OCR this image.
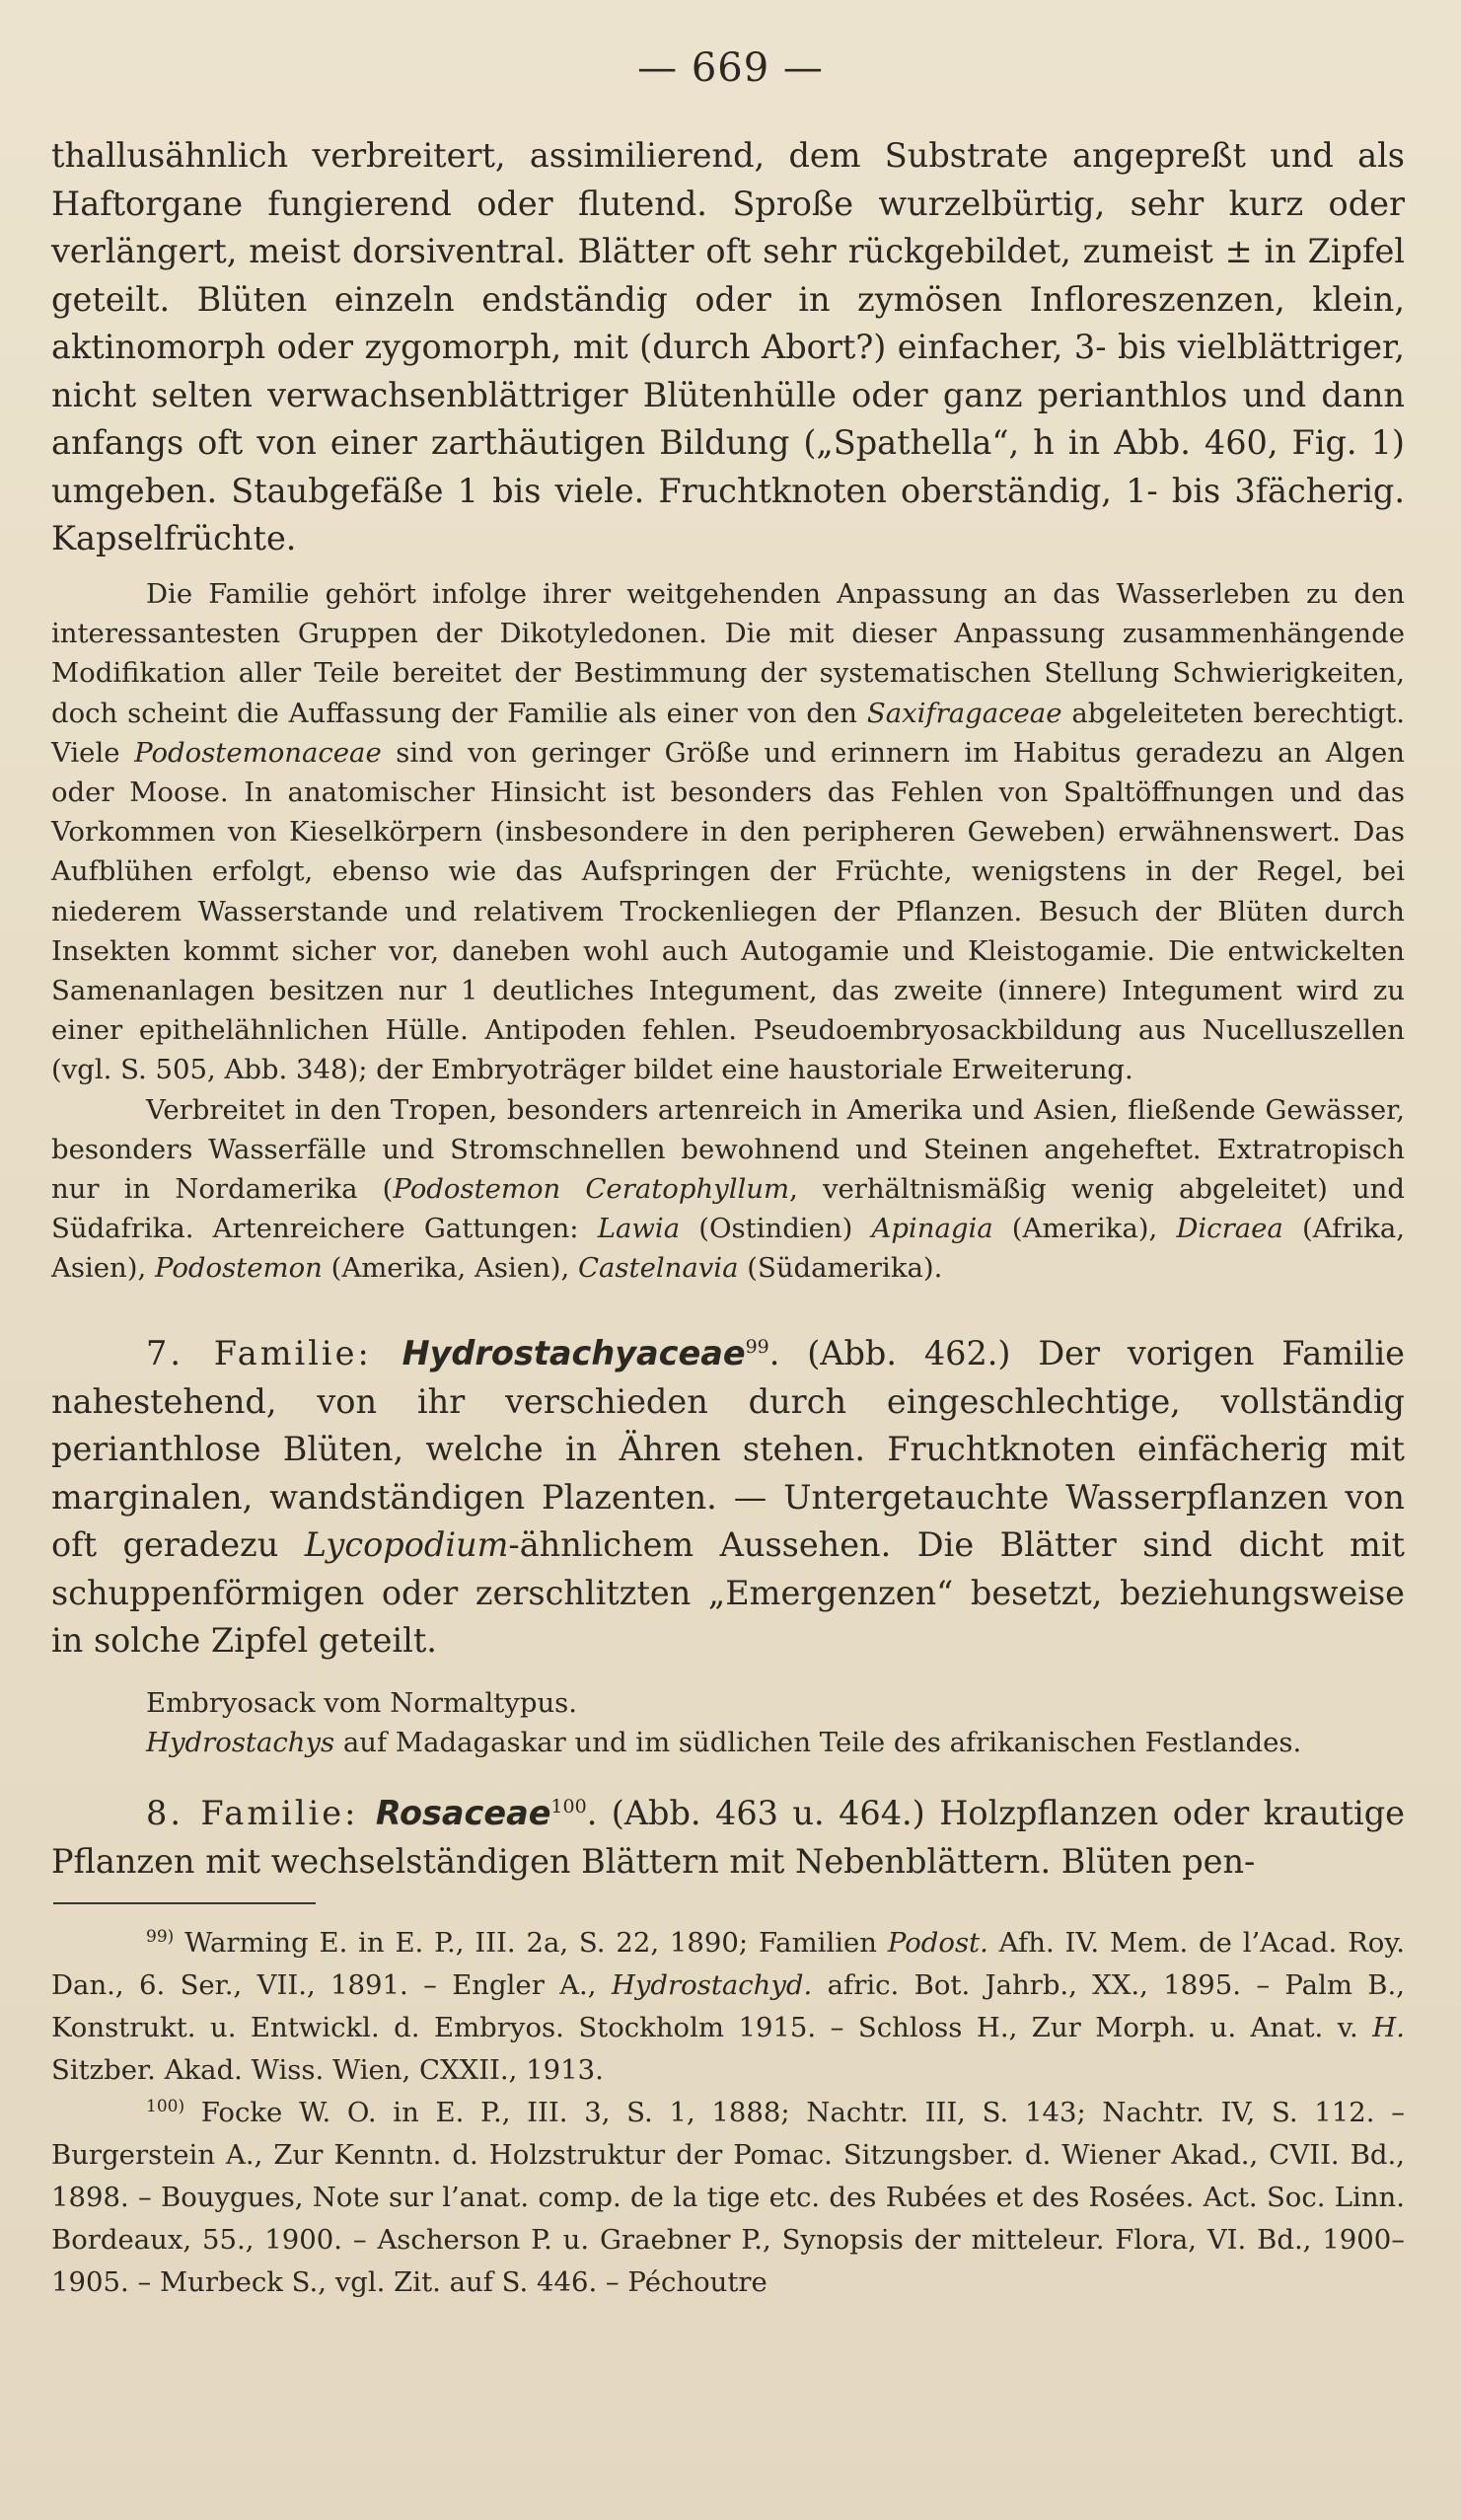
— 669 —

thallusähnlich verbreitert, assimilierend, dem Substrate angepreßt und als Haftorgane fungierend oder flutend. Sproße wurzelbürtig, sehr kurz oder verlängert, meist dorsiventral. Blätter oft sehr rückgebildet, zumeist ± in Zipfel geteilt. Blüten einzeln endständig oder in zymösen Infloreszenzen, klein, aktinomorph oder zygomorph, mit (durch Abort?) einfacher, 3- bis vielblättriger, nicht selten verwachsenblättriger Blütenhülle oder ganz perianthlos und dann anfangs oft von einer zarthäutigen Bildung („Spathella“, h in Abb. 460, Fig. 1) umgeben. Staubgefäße 1 bis viele. Fruchtknoten oberständig, 1- bis 3fächerig. Kapselfrüchte.

Die Familie gehört infolge ihrer weitgehenden Anpassung an das Wasserleben zu den interessantesten Gruppen der Dikotyledonen. Die mit dieser Anpassung zusammenhängende Modifikation aller Teile bereitet der Bestimmung der systematischen Stellung Schwierigkeiten, doch scheint die Auffassung der Familie als einer von den Saxifragaceae abgeleiteten berechtigt. Viele Podostemonaceae sind von geringer Größe und erinnern im Habitus geradezu an Algen oder Moose. In anatomischer Hinsicht ist besonders das Fehlen von Spaltöffnungen und das Vorkommen von Kieselkörpern (insbesondere in den peripheren Geweben) erwähnenswert. Das Aufblühen erfolgt, ebenso wie das Aufspringen der Früchte, wenigstens in der Regel, bei niederem Wasserstande und relativem Trockenliegen der Pflanzen. Besuch der Blüten durch Insekten kommt sicher vor, daneben wohl auch Autogamie und Kleistogamie. Die entwickelten Samenanlagen besitzen nur 1 deutliches Integument, das zweite (innere) Integument wird zu einer epithelähnlichen Hülle. Antipoden fehlen. Pseudoembryosackbildung aus Nucelluszellen (vgl. S. 505, Abb. 348); der Embryoträger bildet eine haustoriale Erweiterung.

Verbreitet in den Tropen, besonders artenreich in Amerika und Asien, fließende Gewässer, besonders Wasserfälle und Stromschnellen bewohnend und Steinen angeheftet. Extratropisch nur in Nordamerika (Podostemon Ceratophyllum, verhältnismäßig wenig abgeleitet) und Südafrika. Artenreichere Gattungen: Lawia (Ostindien) Apinagia (Amerika), Dicraea (Afrika, Asien), Podostemon (Amerika, Asien), Castelnavia (Südamerika).

7. Familie: Hydrostachyaceae$^{99}$. (Abb. 462.) Der vorigen Familie nahestehend, von ihr verschieden durch eingeschlechtige, vollständig perianthlose Blüten, welche in Ähren stehen. Fruchtknoten einfächerig mit marginalen, wandständigen Plazenten. — Untergetauchte Wasserpflanzen von oft geradezu Lycopodium-ähnlichem Aussehen. Die Blätter sind dicht mit schuppenförmigen oder zerschlitzten „Emergenzen“ besetzt, beziehungsweise in solche Zipfel geteilt.

Embryosack vom Normaltypus.

Hydrostachys auf Madagaskar und im südlichen Teile des afrikanischen Festlandes.

8. Familie: Rosaceae$^{100}$. (Abb. 463 u. 464.) Holzpflanzen oder krautige Pflanzen mit wechselständigen Blättern mit Nebenblättern. Blüten pen-

$^{99)}$ Warming E. in E. P., III. 2a, S. 22, 1890; Familien Podost. Afh. IV. Mem. de l’Acad. Roy. Dan., 6. Ser., VII., 1891. – Engler A., Hydrostachyd. afric. Bot. Jahrb., XX., 1895. – Palm B., Konstrukt. u. Entwickl. d. Embryos. Stockholm 1915. – Schloss H., Zur Morph. u. Anat. v. H. Sitzber. Akad. Wiss. Wien, CXXII., 1913.

$^{100)}$ Focke W. O. in E. P., III. 3, S. 1, 1888; Nachtr. III, S. 143; Nachtr. IV, S. 112. – Burgerstein A., Zur Kenntn. d. Holzstruktur der Pomac. Sitzungsber. d. Wiener Akad., CVII. Bd., 1898. – Bouygues, Note sur l’anat. comp. de la tige etc. des Rubées et des Rosées. Act. Soc. Linn. Bordeaux, 55., 1900. – Ascherson P. u. Graebner P., Synopsis der mitteleur. Flora, VI. Bd., 1900–1905. – Murbeck S., vgl. Zit. auf S. 446. – Péchoutre
